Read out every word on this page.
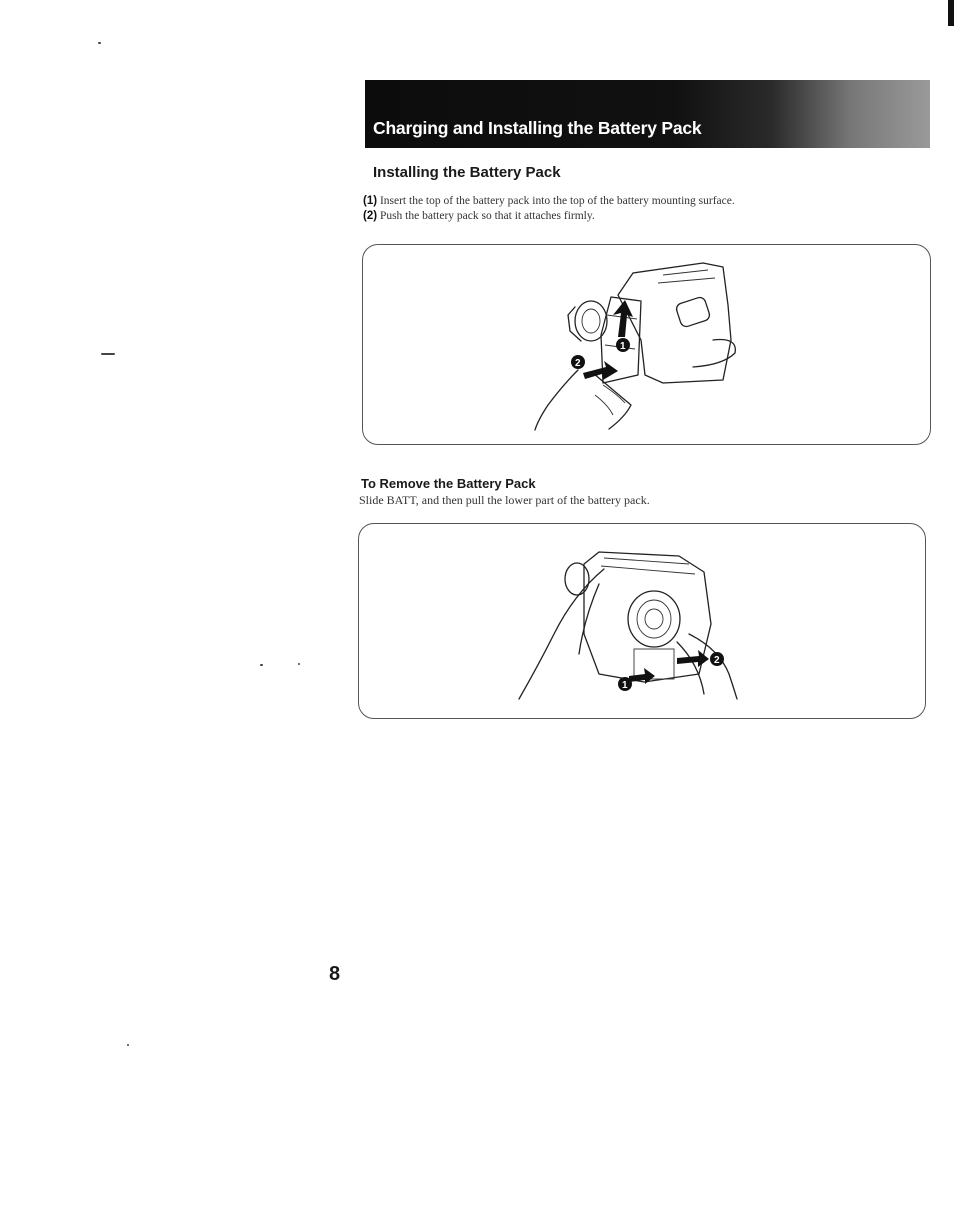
Charging and Installing the Battery Pack
Installing the Battery Pack
(1) Insert the top of the battery pack into the top of the battery mounting surface.
(2) Push the battery pack so that it attaches firmly.
1
2
To Remove the Battery Pack
Slide BATT, and then pull the lower part of the battery pack.
1
2
8
